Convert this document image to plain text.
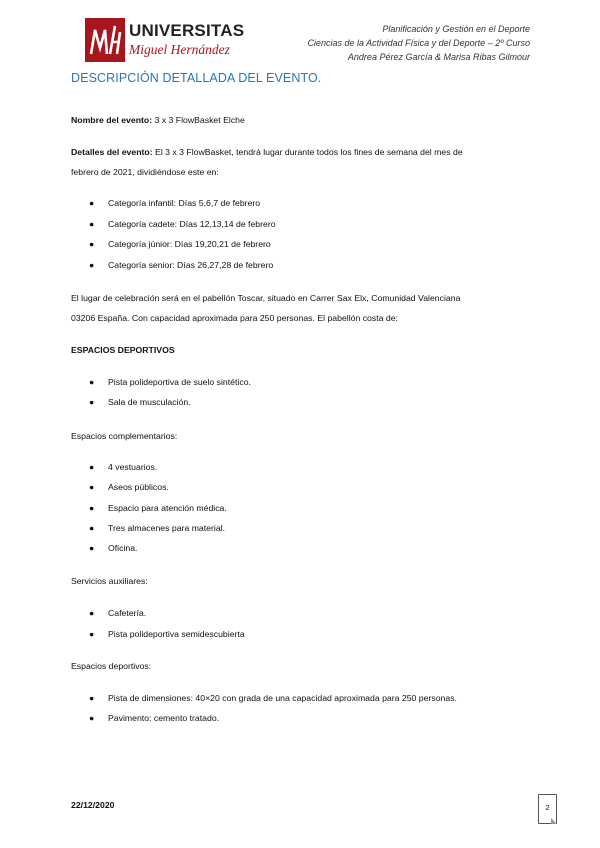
UNIVERSITAS
Miguel Hernández
Planificación y Gestión en el Deporte
Ciencias de la Actividad Física y del Deporte – 2º Curso
Andrea Pérez García & Marisa Ribas Gilmour
DESCRIPCIÓN DETALLADA DEL EVENTO.
Nombre del evento: 3 x 3 FlowBasket Elche
Detalles del evento: El 3 x 3 FlowBasket, tendrá lugar durante todos los fines de semana del mes de
febrero de 2021, dividiéndose este en:
● Categoría infantil: Días 5,6,7 de febrero
● Categoría cadete: Días 12,13,14 de febrero
● Categoría júnior: Días 19,20,21 de febrero
● Categoría senior: Días 26,27,28 de febrero
El lugar de celebración será en el pabellón Toscar, situado en Carrer Sax Elx, Comunidad Valenciana
03206 España. Con capacidad aproximada para 250 personas. El pabellón costa de:
ESPACIOS DEPORTIVOS
● Pista polideportiva de suelo sintético.
● Sala de musculación.
Espacios complementarios:
● 4 vestuarios.
● Aseos públicos.
● Espacio para atención médica.
● Tres almacenes para material.
● Oficina.
Servicios auxiliares:
● Cafetería.
● Pista polideportiva semidescubierta
Espacios deportivos:
● Pista de dimensiones: 40×20 con grada de una capacidad aproximada para 250 personas.
● Pavimento: cemento tratado.
22/12/2020	2
